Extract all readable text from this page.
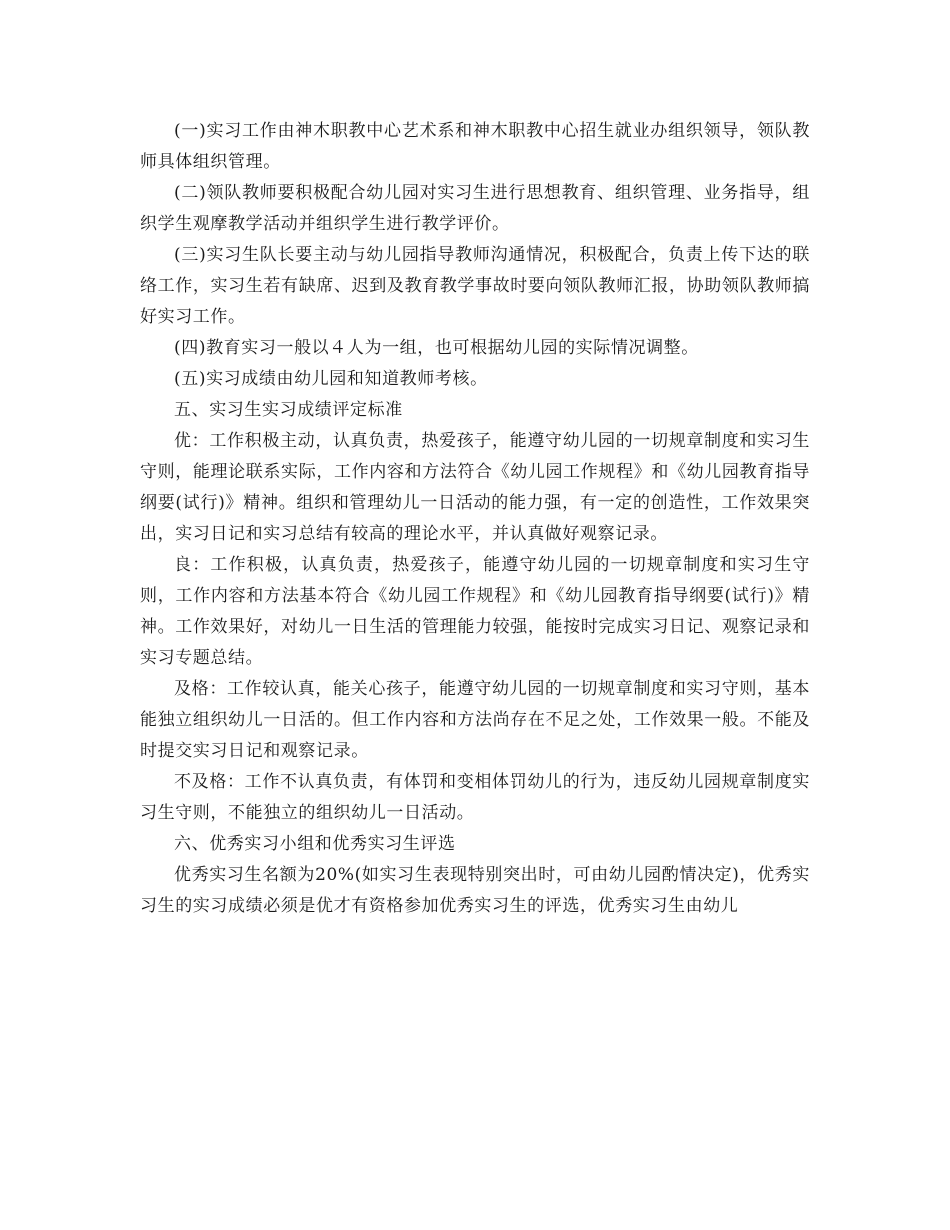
(一)实习工作由神木职教中心艺术系和神木职教中心招生就业办组织领导，领队教师具体组织管理。

(二)领队教师要积极配合幼儿园对实习生进行思想教育、组织管理、业务指导，组织学生观摩教学活动并组织学生进行教学评价。

(三)实习生队长要主动与幼儿园指导教师沟通情况，积极配合，负责上传下达的联络工作，实习生若有缺席、迟到及教育教学事故时要向领队教师汇报，协助领队教师搞好实习工作。

(四)教育实习一般以４人为一组，也可根据幼儿园的实际情况调整。

(五)实习成绩由幼儿园和知道教师考核。

五、实习生实习成绩评定标准

优：工作积极主动，认真负责，热爱孩子，能遵守幼儿园的一切规章制度和实习生守则，能理论联系实际，工作内容和方法符合《幼儿园工作规程》和《幼儿园教育指导纲要(试行)》精神。组织和管理幼儿一日活动的能力强，有一定的创造性，工作效果突出，实习日记和实习总结有较高的理论水平，并认真做好观察记录。

良：工作积极，认真负责，热爱孩子，能遵守幼儿园的一切规章制度和实习生守则，工作内容和方法基本符合《幼儿园工作规程》和《幼儿园教育指导纲要(试行)》精神。工作效果好，对幼儿一日生活的管理能力较强，能按时完成实习日记、观察记录和实习专题总结。

及格：工作较认真，能关心孩子，能遵守幼儿园的一切规章制度和实习守则，基本能独立组织幼儿一日活的。但工作内容和方法尚存在不足之处，工作效果一般。不能及时提交实习日记和观察记录。

不及格：工作不认真负责，有体罚和变相体罚幼儿的行为，违反幼儿园规章制度实习生守则，不能独立的组织幼儿一日活动。

六、优秀实习小组和优秀实习生评选

优秀实习生名额为20%(如实习生表现特别突出时，可由幼儿园酌情决定)，优秀实习生的实习成绩必须是优才有资格参加优秀实习生的评选，优秀实习生由幼儿
